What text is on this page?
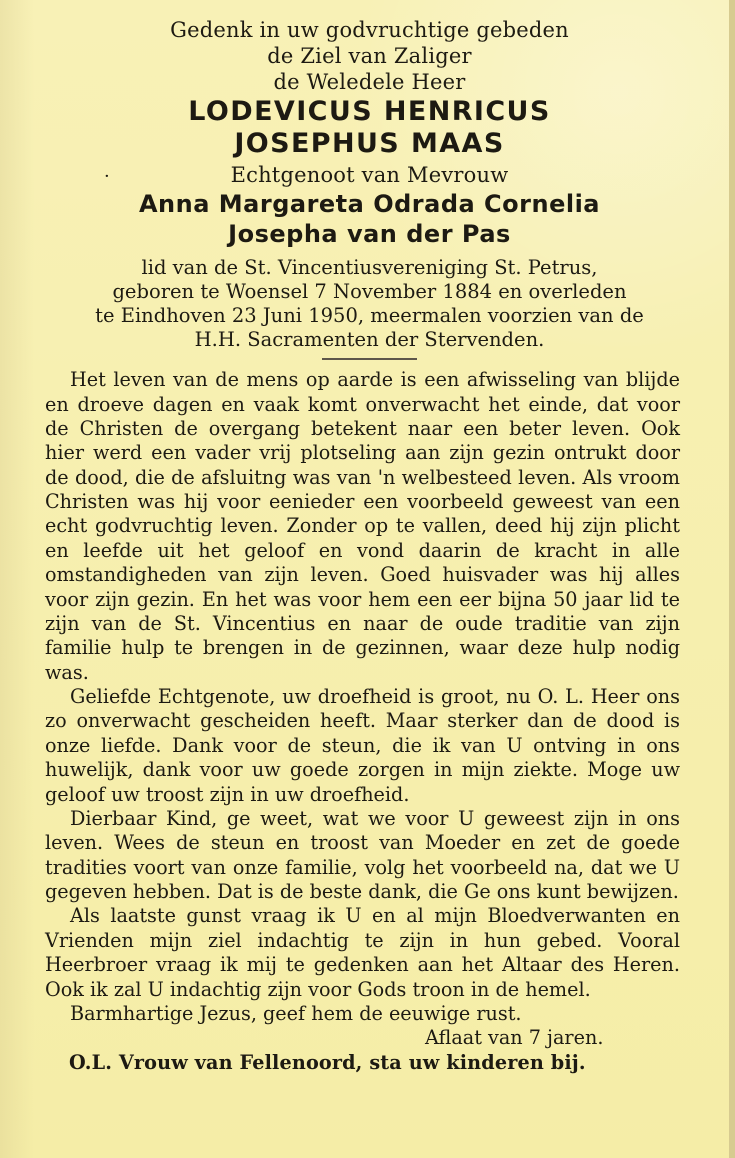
Gedenk in uw godvruchtige gebeden

de Ziel van Zaliger

de Weledele Heer

LODEVICUS HENRICUS

JOSEPHUS MAAS

·	Echtgenoot van Mevrouw

Anna Margareta Odrada Cornelia

Josepha van der Pas

lid van de St. Vincentiusvereniging St. Petrus,

geboren te Woensel 7 November 1884 en overleden

te Eindhoven 23 Juni 1950, meermalen voorzien van de

H.H. Sacramenten der Stervenden.

Het leven van de mens op aarde is een afwisseling van blijde en droeve dagen en vaak komt onverwacht het einde, dat voor de Christen de overgang betekent naar een beter leven. Ook hier werd een vader vrij plotseling aan zijn gezin ontrukt door de dood, die de afsluitng was van 'n welbesteed leven. Als vroom Christen was hij voor eenieder een voorbeeld geweest van een echt godvruchtig leven. Zonder op te vallen, deed hij zijn plicht en leefde uit het geloof en vond daarin de kracht in alle omstandigheden van zijn leven. Goed huisvader was hij alles voor zijn gezin. En het was voor hem een eer bijna 50 jaar lid te zijn van de St. Vincentius en naar de oude traditie van zijn familie hulp te brengen in de gezinnen, waar deze hulp nodig was.

Geliefde Echtgenote, uw droefheid is groot, nu O. L. Heer ons zo onverwacht gescheiden heeft. Maar sterker dan de dood is onze liefde. Dank voor de steun, die ik van U ontving in ons huwelijk, dank voor uw goede zorgen in mijn ziekte. Moge uw geloof uw troost zijn in uw droefheid.

Dierbaar Kind, ge weet, wat we voor U geweest zijn in ons leven. Wees de steun en troost van Moeder en zet de goede tradities voort van onze familie, volg het voorbeeld na, dat we U gegeven hebben. Dat is de beste dank, die Ge ons kunt bewijzen.

Als laatste gunst vraag ik U en al mijn Bloedverwanten en Vrienden mijn ziel indachtig te zijn in hun gebed. Vooral Heerbroer vraag ik mij te gedenken aan het Altaar des Heren. Ook ik zal U indachtig zijn voor Gods troon in de hemel.

Barmhartige Jezus, geef hem de eeuwige rust.

Aflaat van 7 jaren.

O.L. Vrouw van Fellenoord, sta uw kinderen bij.
